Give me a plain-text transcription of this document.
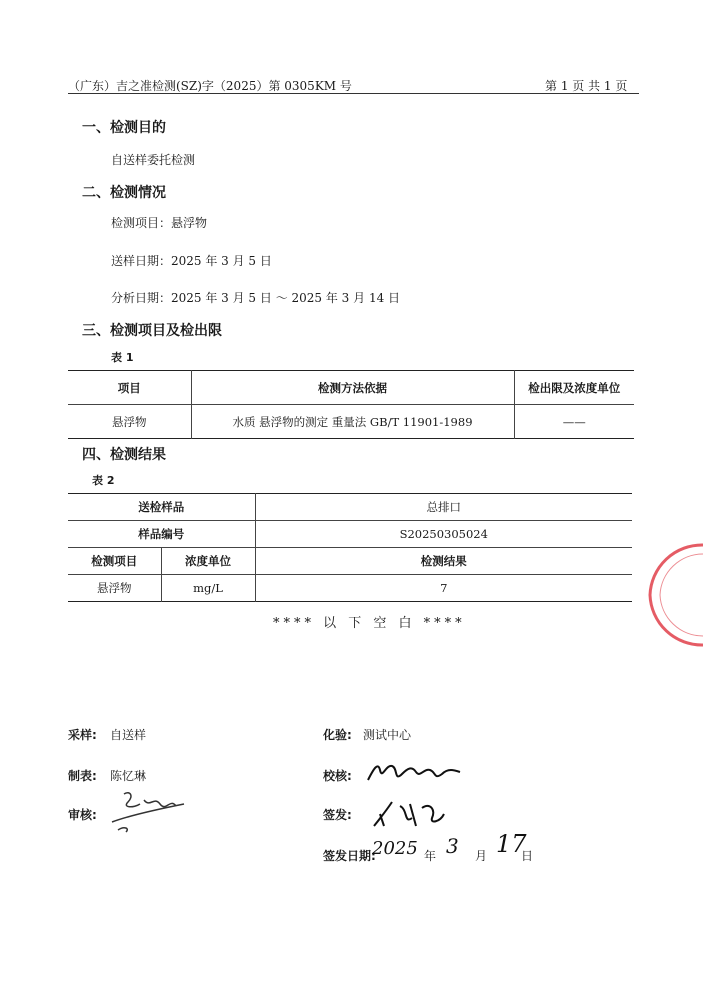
（广东）吉之准检测(SZ)字（2025）第 0305KM 号	第 1 页 共 1 页
一、检测目的
自送样委托检测
二、检测情况
检测项目：悬浮物
送样日期：2025 年 3 月 5 日
分析日期：2025 年 3 月 5 日 ～ 2025 年 3 月 14 日
三、检测项目及检出限
表 1
项目	检测方法依据	检出限及浓度单位
悬浮物	水质 悬浮物的测定 重量法 GB/T 11901-1989	——
四、检测结果
表 2
送检样品		总排口
样品编号		S20250305024
检测项目	浓度单位	检测结果
悬浮物	mg/L	7
**** 以 下 空 白 ****
采样: 自送样	化验: 测试中心
制表: 陈忆琳	校核:
审核:	签发:
签发日期:
2025 年 3 月 17
日
